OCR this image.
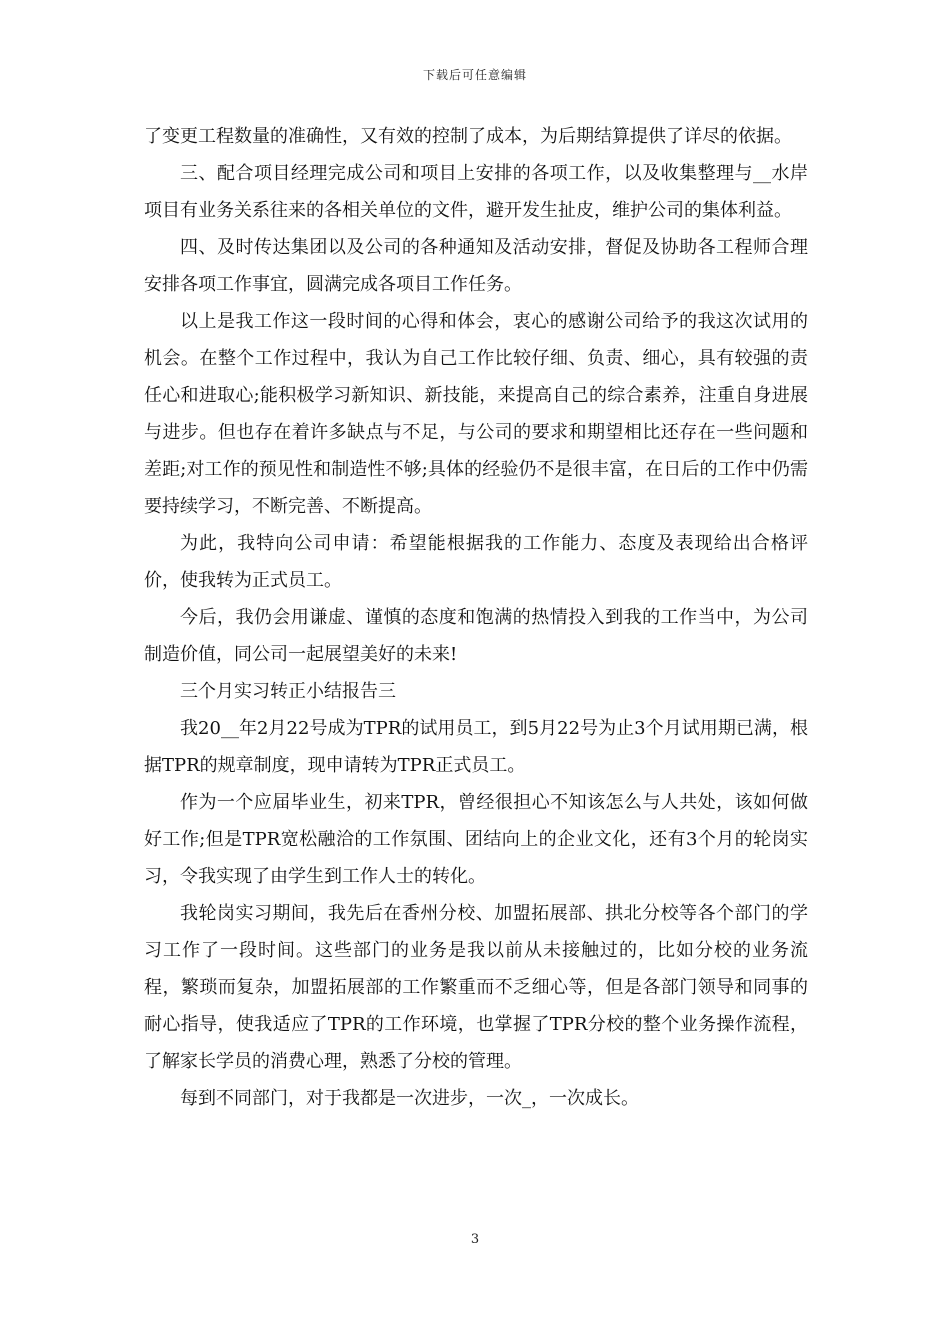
下载后可任意编辑

了变更工程数量的准确性，又有效的控制了成本，为后期结算提供了详尽的依据。

三、配合项目经理完成公司和项目上安排的各项工作，以及收集整理与__水岸项目有业务关系往来的各相关单位的文件，避开发生扯皮，维护公司的集体利益。

四、及时传达集团以及公司的各种通知及活动安排，督促及协助各工程师合理安排各项工作事宜，圆满完成各项目工作任务。

以上是我工作这一段时间的心得和体会，衷心的感谢公司给予的我这次试用的机会。在整个工作过程中，我认为自己工作比较仔细、负责、细心，具有较强的责任心和进取心;能积极学习新知识、新技能，来提高自己的综合素养，注重自身进展与进步。但也存在着许多缺点与不足，与公司的要求和期望相比还存在一些问题和差距;对工作的预见性和制造性不够;具体的经验仍不是很丰富，在日后的工作中仍需要持续学习，不断完善、不断提高。

为此，我特向公司申请：希望能根据我的工作能力、态度及表现给出合格评价，使我转为正式员工。

今后，我仍会用谦虚、谨慎的态度和饱满的热情投入到我的工作当中，为公司制造价值，同公司一起展望美好的未来!

三个月实习转正小结报告三

我20__年2月22号成为TPR的试用员工，到5月22号为止3个月试用期已满，根据TPR的规章制度，现申请转为TPR正式员工。

作为一个应届毕业生，初来TPR，曾经很担心不知该怎么与人共处，该如何做好工作;但是TPR宽松融洽的工作氛围、团结向上的企业文化，还有3个月的轮岗实习，令我实现了由学生到工作人士的转化。

我轮岗实习期间，我先后在香州分校、加盟拓展部、拱北分校等各个部门的学习工作了一段时间。这些部门的业务是我以前从未接触过的，比如分校的业务流程，繁琐而复杂，加盟拓展部的工作繁重而不乏细心等，但是各部门领导和同事的耐心指导，使我适应了TPR的工作环境，也掌握了TPR分校的整个业务操作流程，了解家长学员的消费心理，熟悉了分校的管理。

每到不同部门，对于我都是一次进步，一次_，一次成长。

3
